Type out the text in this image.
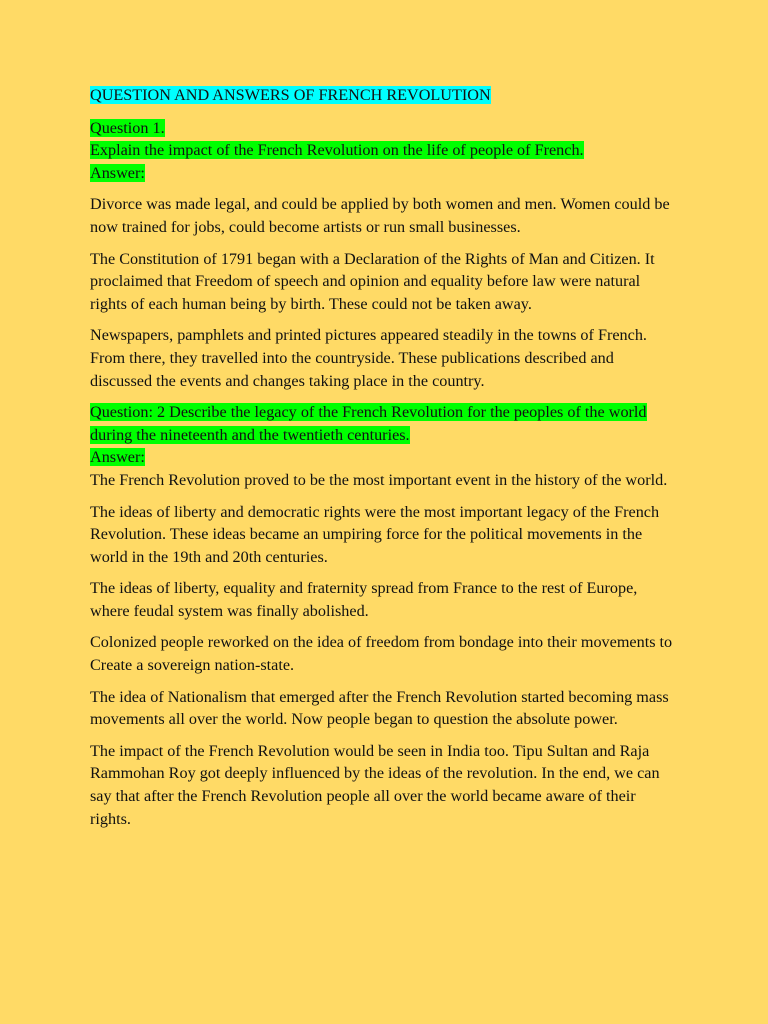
QUESTION AND ANSWERS OF FRENCH REVOLUTION

Question 1.

Explain the impact of the French Revolution on the life of people of French.

Answer:

Divorce was made legal, and could be applied by both women and men. Women could be now trained for jobs, could become artists or run small businesses.

The Constitution of 1791 began with a Declaration of the Rights of Man and Citizen. It proclaimed that Freedom of speech and opinion and equality before law were natural rights of each human being by birth. These could not be taken away.

Newspapers, pamphlets and printed pictures appeared steadily in the towns of French. From there, they travelled into the countryside. These publications described and discussed the events and changes taking place in the country.

Question: 2 Describe the legacy of the French Revolution for the peoples of the world during the nineteenth and the twentieth centuries.

Answer:

The French Revolution proved to be the most important event in the history of the world.

The ideas of liberty and democratic rights were the most important legacy of the French Revolution. These ideas became an umpiring force for the political movements in the world in the 19th and 20th centuries.

The ideas of liberty, equality and fraternity spread from France to the rest of Europe, where feudal system was finally abolished.

Colonized people reworked on the idea of freedom from bondage into their movements to Create a sovereign nation-state.

The idea of Nationalism that emerged after the French Revolution started becoming mass movements all over the world. Now people began to question the absolute power.

The impact of the French Revolution would be seen in India too. Tipu Sultan and Raja Rammohan Roy got deeply influenced by the ideas of the revolution. In the end, we can say that after the French Revolution people all over the world became aware of their rights.
